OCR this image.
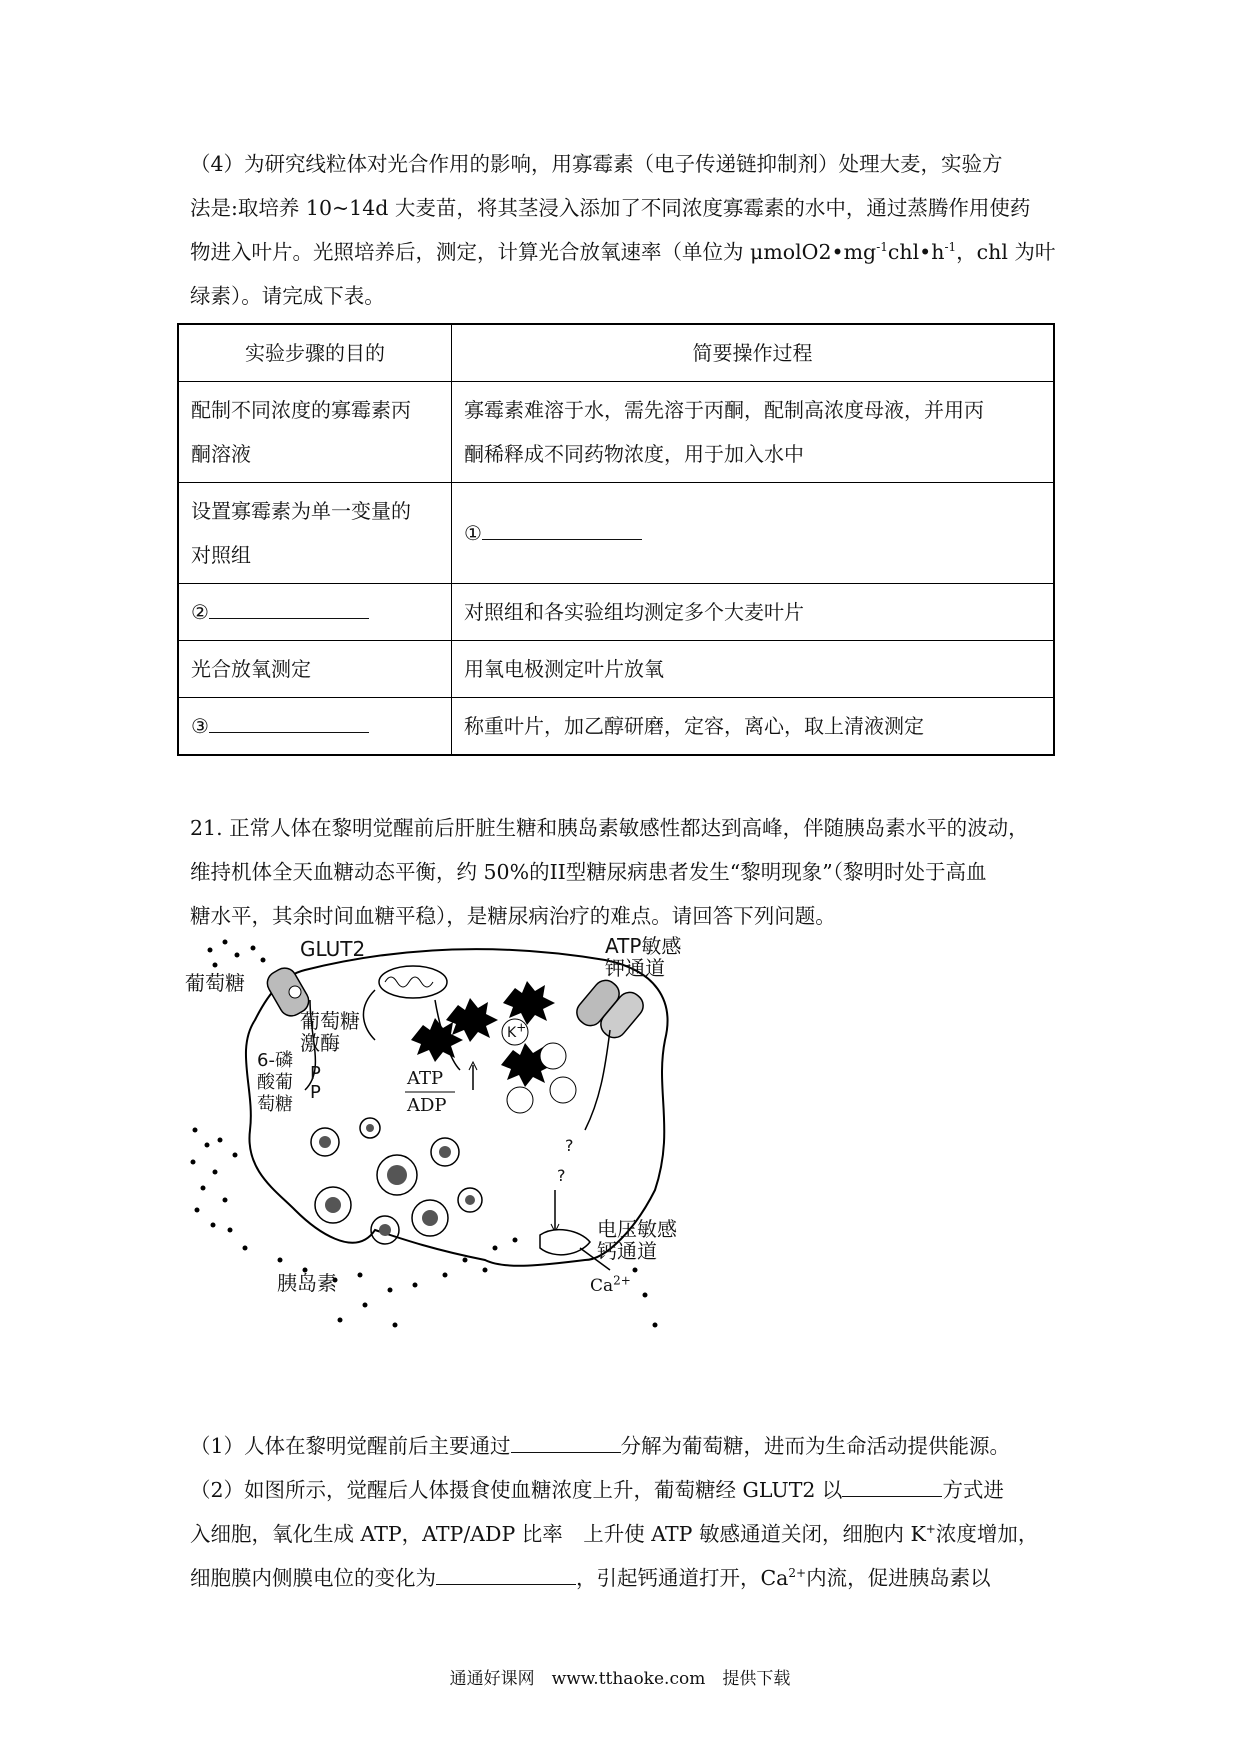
（4）为研究线粒体对光合作用的影响，用寡霉素（电子传递链抑制剂）处理大麦，实验方
法是:取培养 10~14d 大麦苗，将其茎浸入添加了不同浓度寡霉素的水中，通过蒸腾作用使药
物进入叶片。光照培养后，测定，计算光合放氧速率（单位为 $\mu molO2•mg^{-1}chl•h^{-1}$，chl 为叶
绿素）。请完成下表。
实验步骤的目的	简要操作过程
配制不同浓度的寡霉素丙
酮溶液	寡霉素难溶于水，需先溶于丙酮，配制高浓度母液，并用丙
酮稀释成不同药物浓度，用于加入水中
设置寡霉素为单一变量的
对照组	①
②	对照组和各实验组均测定多个大麦叶片
光合放氧测定	用氧电极测定叶片放氧
③	称重叶片，加乙醇研磨，定容，离心，取上清液测定
21. 正常人体在黎明觉醒前后肝脏生糖和胰岛素敏感性都达到高峰，伴随胰岛素水平的波动，
维持机体全天血糖动态平衡，约 50%的II型糖尿病患者发生“黎明现象”（黎明时处于高血
糖水平，其余时间血糖平稳），是糖尿病治疗的难点。请回答下列问题。
葡萄糖
GLUT2	ATP敏感
钾通道
葡萄糖
激酶
6-磷
酸葡
萄糖
P
P
ATP
ADP
K+
?
?
电压敏感
钙通道
$Ca^{2+}$
胰岛素
（1）人体在黎明觉醒前后主要通过	分解为葡萄糖，进而为生命活动提供能源。
（2）如图所示，觉醒后人体摄食使血糖浓度上升，葡萄糖经 GLUT2 以	方式进
入细胞，氧化生成 ATP，ATP/ADP 比率　上升使 ATP 敏感通道关闭，细胞内 K+浓度增加，
细胞膜内侧膜电位的变化为	，引起钙通道打开，$Ca^{2+}$内流，促进胰岛素以
通通好课网　www.tthaoke.com　提供下载
